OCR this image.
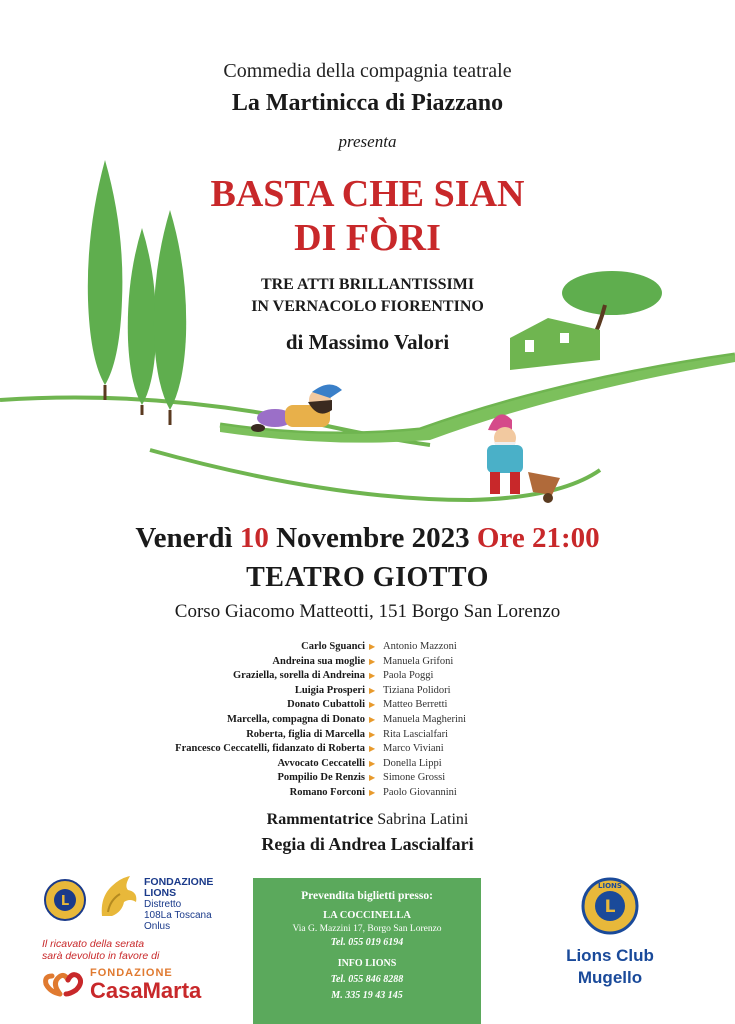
Commedia della compagnia teatrale
La Martinicca di Piazzano
presenta
BASTA CHE SIAN
DI FÒRI
TRE ATTI BRILLANTISSIMI
IN VERNACOLO FIORENTINO
di Massimo Valori
Venerdì 10 Novembre 2023 Ore 21:00
TEATRO GIOTTO
Corso Giacomo Matteotti, 151 Borgo San Lorenzo
Carlo Sguanci ▶ Antonio Mazzoni
Andreina sua moglie ▶ Manuela Grifoni
Graziella, sorella di Andreina ▶ Paola Poggi
Luigia Prosperi ▶ Tiziana Polidori
Donato Cubattoli ▶ Matteo Berretti
Marcella, compagna di Donato ▶ Manuela Magherini
Roberta, figlia di Marcella ▶ Rita Lascialfari
Francesco Ceccatelli, fidanzato di Roberta ▶ Marco Viviani
Avvocato Ceccatelli ▶ Donella Lippi
Pompilio De Renzis ▶ Simone Grossi
Romano Forconi ▶ Paolo Giovannini
Rammentatrice Sabrina Latini
Regia di Andrea Lascialfari
L
FONDAZIONE
LIONS
Distretto
108La Toscana
Onlus
Il ricavato della serata
sarà devoluto in favore di
FONDAZIONE
CasaMarta
Prevendita biglietti presso:
LA COCCINELLA
Via G. Mazzini 17, Borgo San Lorenzo
Tel. 055 019 6194
INFO LIONS
Tel. 055 846 8288
M. 335 19 43 145
L
LIONS
Lions Club
Mugello
